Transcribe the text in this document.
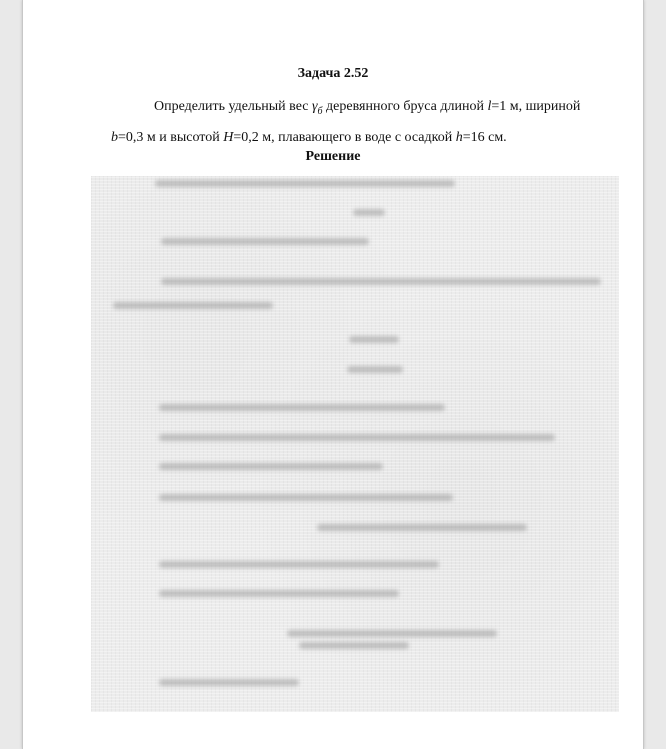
Задача 2.52
Определить удельный вес $\gamma_б$ деревянного бруса длиной l=1 м, шириной
b=0,3 м и высотой H=0,2 м, плавающего в воде с осадкой h=16 см.
Решение
